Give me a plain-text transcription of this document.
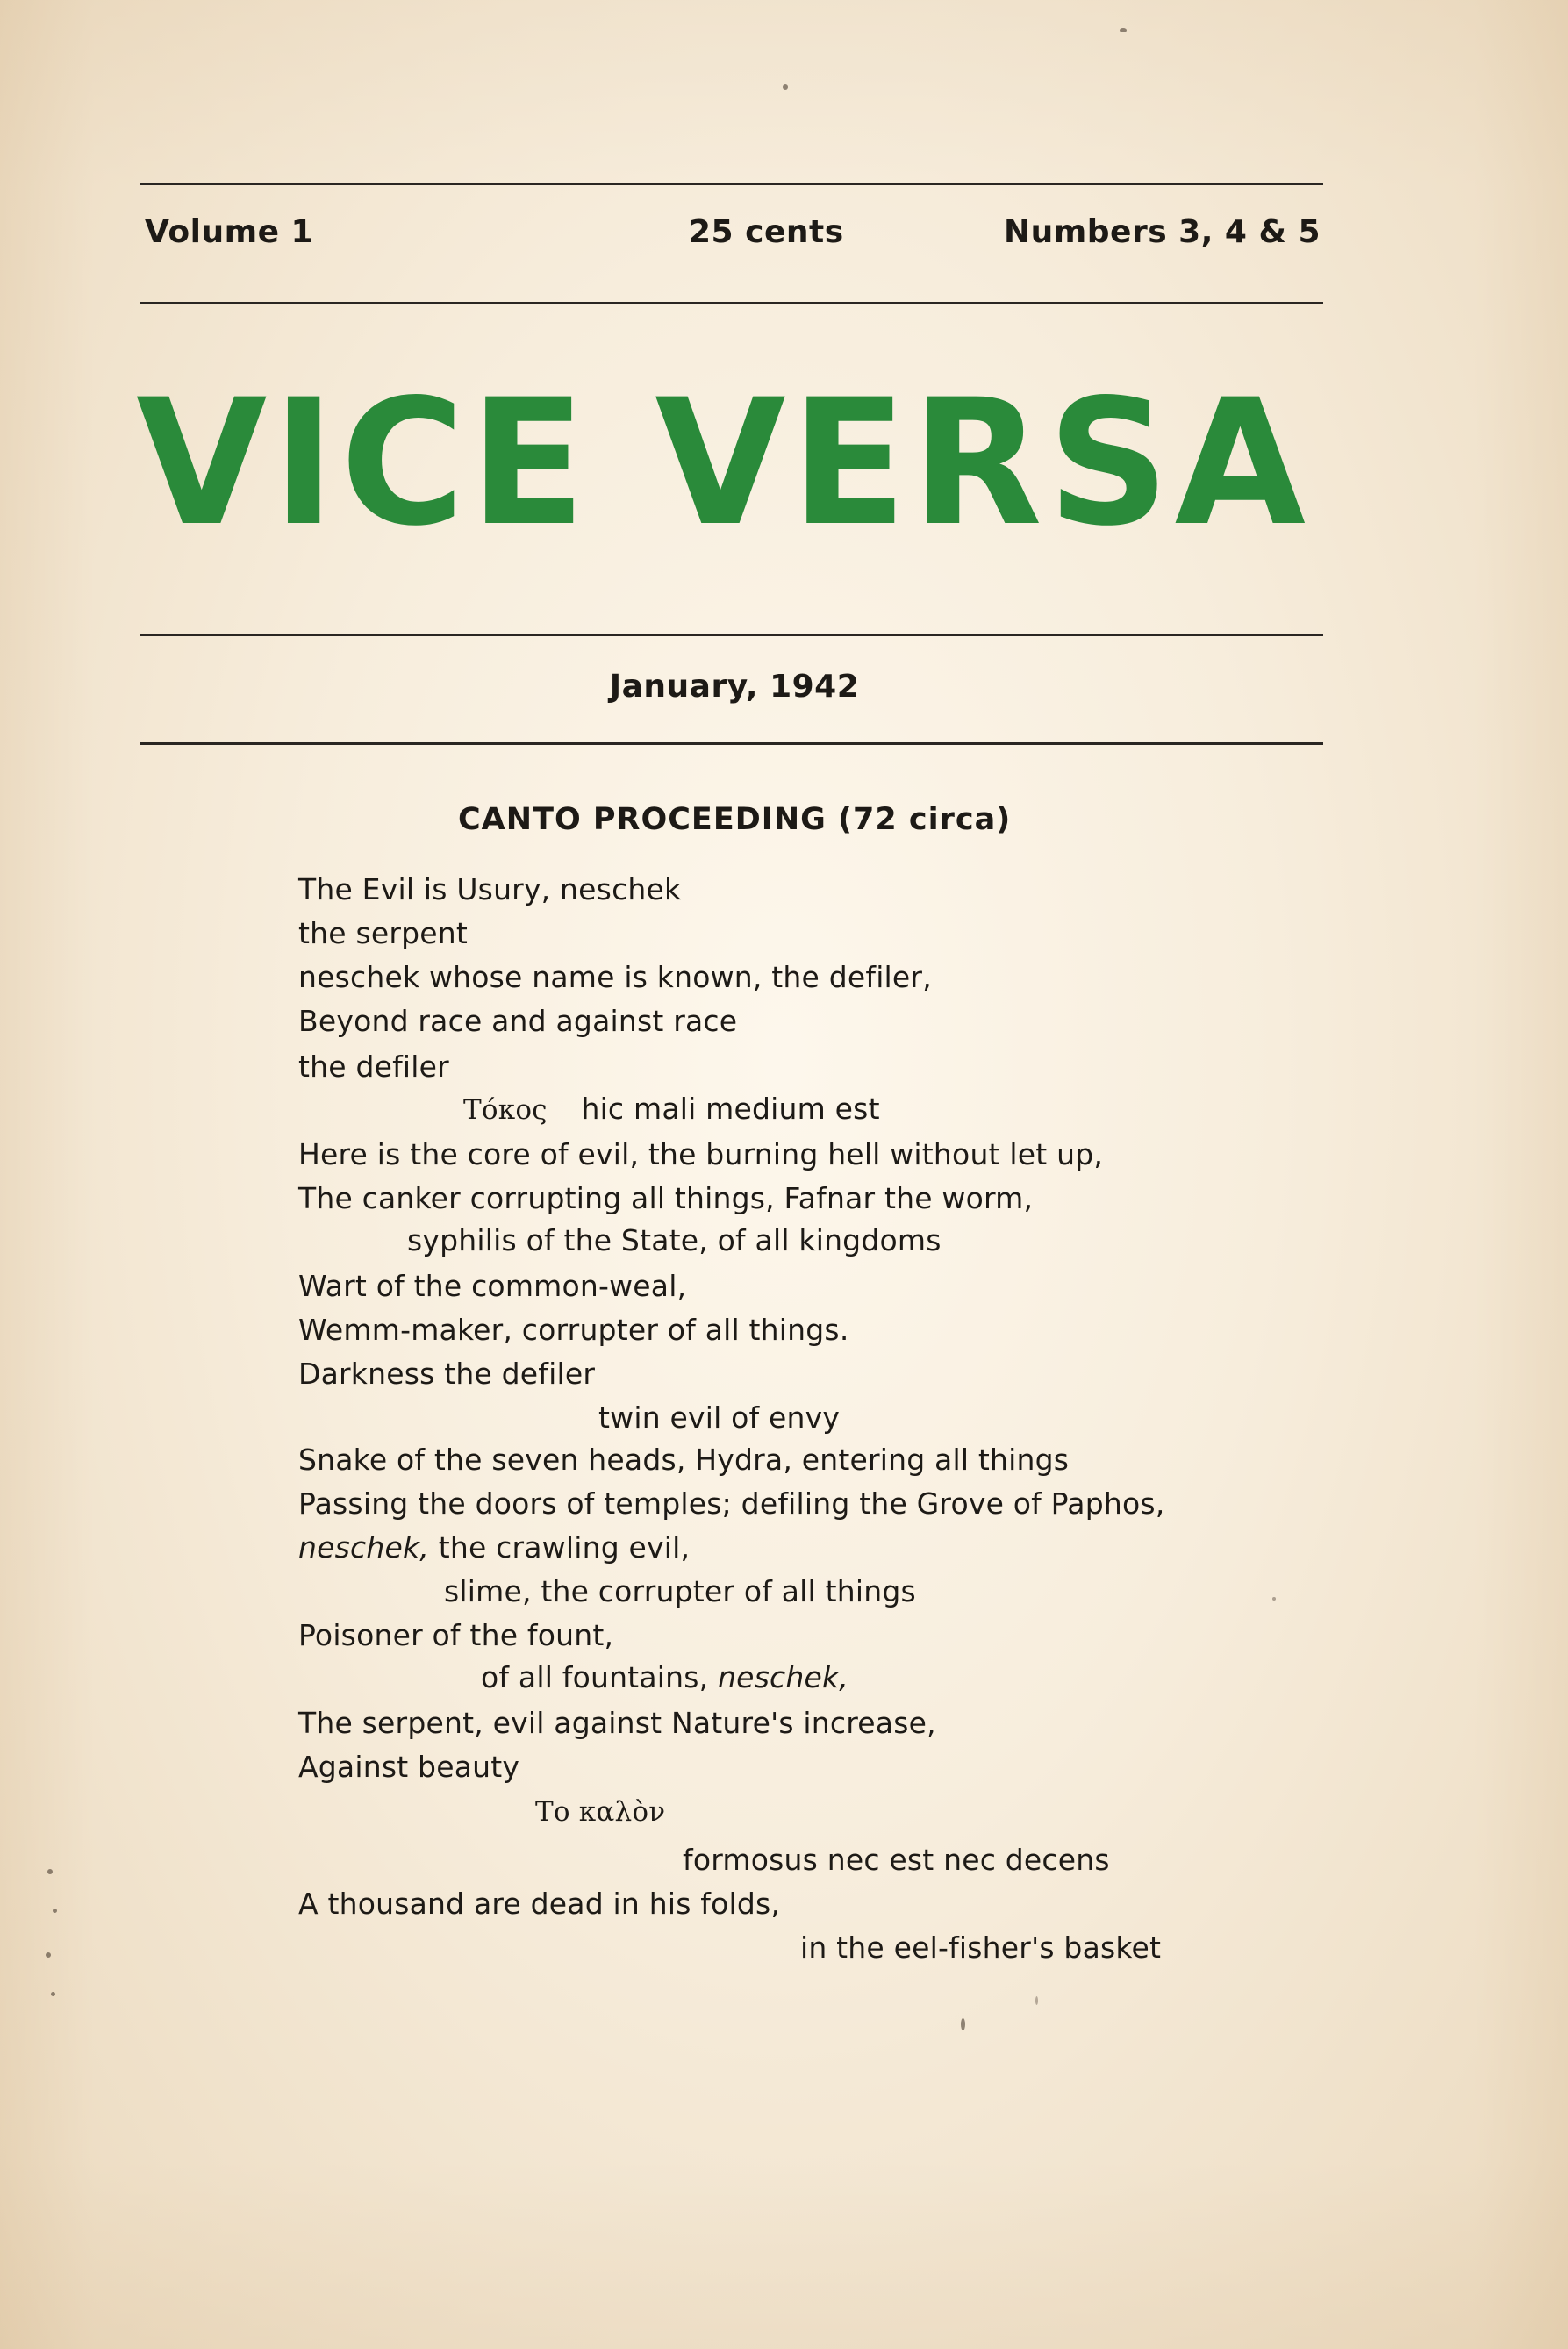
Volume 1	25 cents	Numbers 3, 4 & 5
VICE VERSA
January, 1942
CANTO PROCEEDING (72 circa)
The Evil is Usury, neschek
the serpent
neschek whose name is known, the defiler,
Beyond race and against race
the defiler
Τόκος hic mali medium est
Here is the core of evil, the burning hell without let up,
The canker corrupting all things, Fafnar the worm,
syphilis of the State, of all kingdoms
Wart of the common-weal,
Wemm-maker, corrupter of all things.
Darkness the defiler
twin evil of envy
Snake of the seven heads, Hydra, entering all things
Passing the doors of temples; defiling the Grove of Paphos,
neschek, the crawling evil,
slime, the corrupter of all things
Poisoner of the fount,
of all fountains, neschek,
The serpent, evil against Nature's increase,
Against beauty
Το καλὸν
formosus nec est nec decens
A thousand are dead in his folds,
in the eel-fisher's basket
